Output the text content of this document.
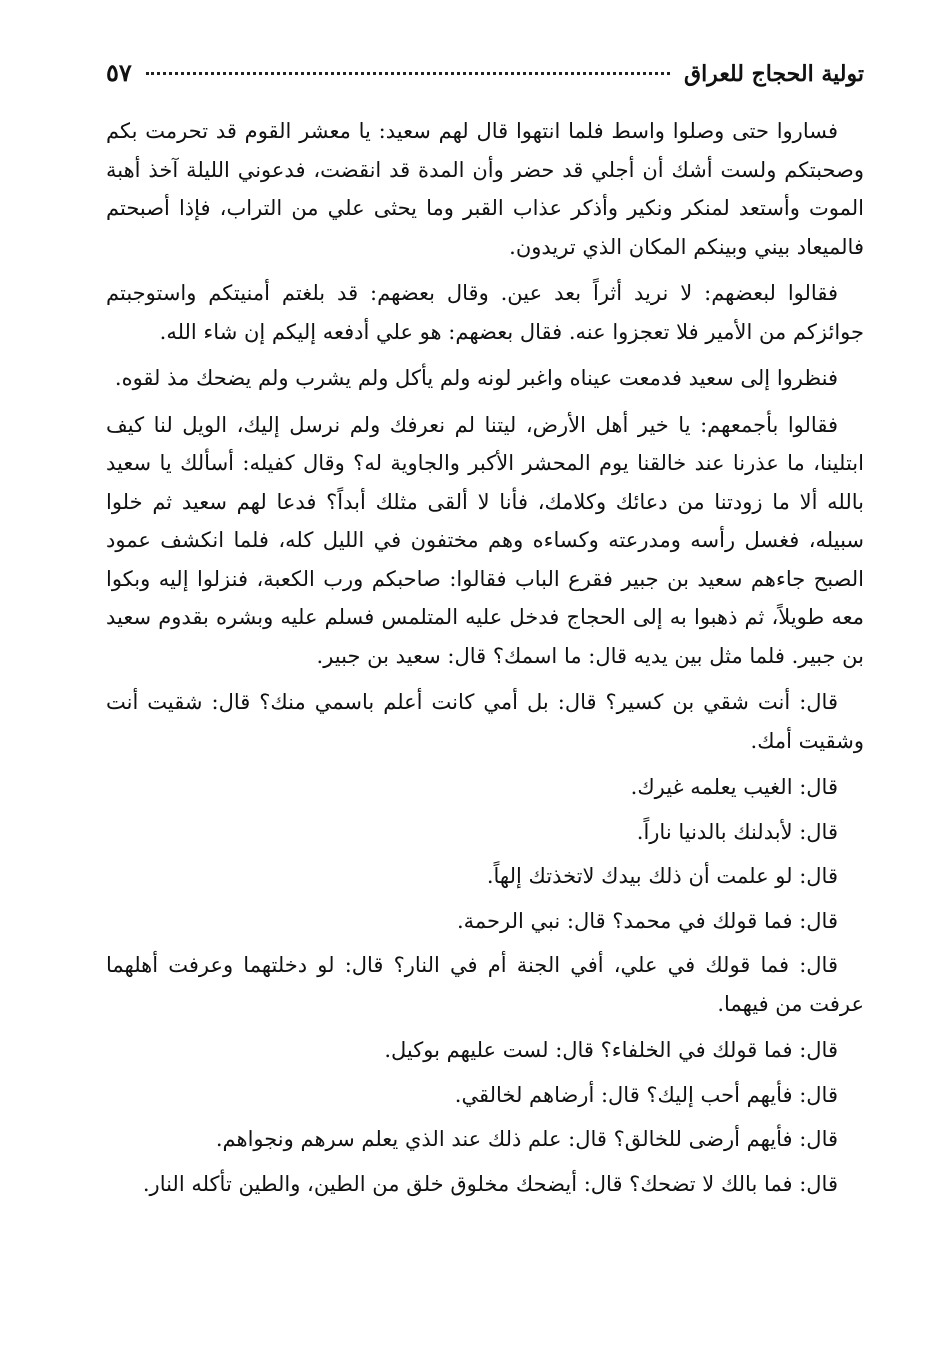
تولية الحجاج للعراق
٥٧

فساروا حتى وصلوا واسط فلما انتهوا قال لهم سعيد: يا معشر القوم قد تحرمت بكم وصحبتكم ولست أشك أن أجلي قد حضر وأن المدة قد انقضت، فدعوني الليلة آخذ أهبة الموت وأستعد لمنكر ونكير وأذكر عذاب القبر وما يحثى علي من التراب، فإذا أصبحتم فالميعاد بيني وبينكم المكان الذي تريدون.

فقالوا لبعضهم: لا نريد أثراً بعد عين. وقال بعضهم: قد بلغتم أمنيتكم واستوجبتم جوائزكم من الأمير فلا تعجزوا عنه. فقال بعضهم: هو علي أدفعه إليكم إن شاء الله.

فنظروا إلى سعيد فدمعت عيناه واغبر لونه ولم يأكل ولم يشرب ولم يضحك مذ لقوه.

فقالوا بأجمعهم: يا خير أهل الأرض، ليتنا لم نعرفك ولم نرسل إليك، الويل لنا كيف ابتلينا، ما عذرنا عند خالقنا يوم المحشر الأكبر والجاوية له؟ وقال كفيله: أسألك يا سعيد بالله ألا ما زودتنا من دعائك وكلامك، فأنا لا ألقى مثلك أبداً؟ فدعا لهم سعيد ثم خلوا سبيله، فغسل رأسه ومدرعته وكساءه وهم مختفون في الليل كله، فلما انكشف عمود الصبح جاءهم سعيد بن جبير فقرع الباب فقالوا: صاحبكم ورب الكعبة، فنزلوا إليه وبكوا معه طويلاً، ثم ذهبوا به إلى الحجاج فدخل عليه المتلمس فسلم عليه وبشره بقدوم سعيد بن جبير. فلما مثل بين يديه قال: ما اسمك؟ قال: سعيد بن جبير.

قال: أنت شقي بن كسير؟ قال: بل أمي كانت أعلم باسمي منك؟ قال: شقيت أنت وشقيت أمك.

قال: الغيب يعلمه غيرك.

قال: لأبدلنك بالدنيا ناراً.

قال: لو علمت أن ذلك بيدك لاتخذتك إلهاً.

قال: فما قولك في محمد؟ قال: نبي الرحمة.

قال: فما قولك في علي، أفي الجنة أم في النار؟ قال: لو دخلتهما وعرفت أهلهما عرفت من فيهما.

قال: فما قولك في الخلفاء؟ قال: لست عليهم بوكيل.

قال: فأيهم أحب إليك؟ قال: أرضاهم لخالقي.

قال: فأيهم أرضى للخالق؟ قال: علم ذلك عند الذي يعلم سرهم ونجواهم.

قال: فما بالك لا تضحك؟ قال: أيضحك مخلوق خلق من الطين، والطين تأكله النار.
